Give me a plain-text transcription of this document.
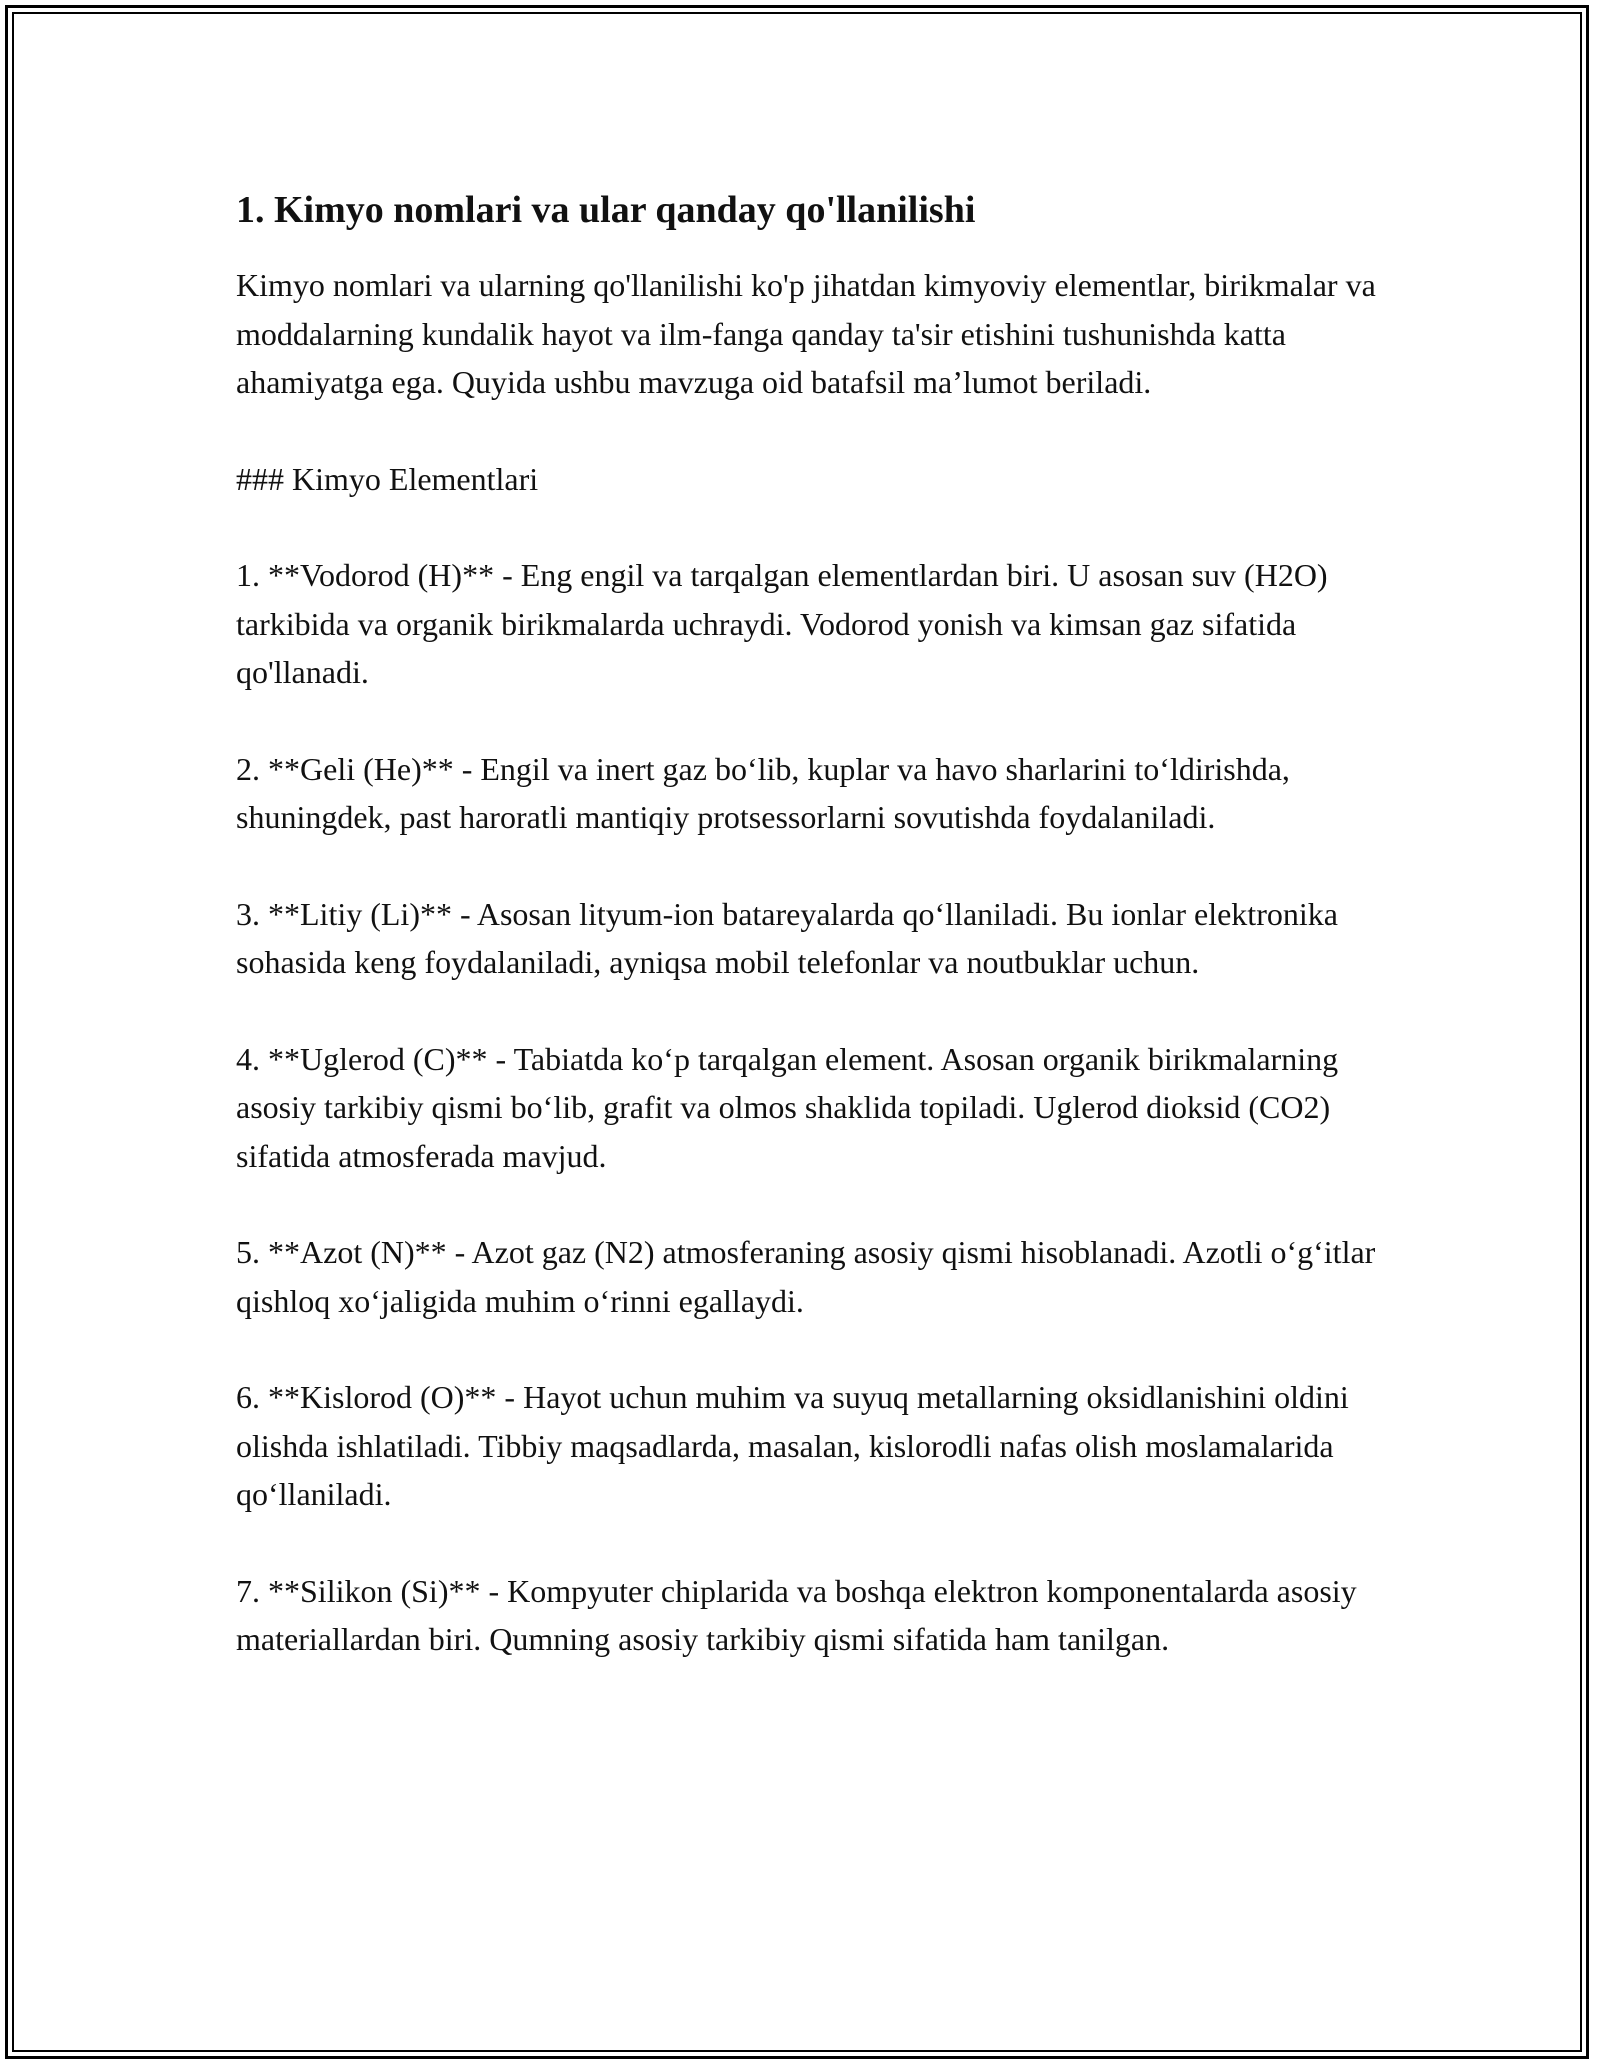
1. Kimyo nomlari va ular qanday qo'llanilishi

Kimyo nomlari va ularning qo'llanilishi ko'p jihatdan kimyoviy elementlar, birikmalar va moddalarning kundalik hayot va ilm-fanga qanday ta'sir etishini tushunishda katta ahamiyatga ega. Quyida ushbu mavzuga oid batafsil ma’lumot beriladi.

### Kimyo Elementlari

1. **Vodorod (H)** - Eng engil va tarqalgan elementlardan biri. U asosan suv (H2O) tarkibida va organik birikmalarda uchraydi. Vodorod yonish va kimsan gaz sifatida qo'llanadi.

2. **Geli (He)** - Engil va inert gaz bo‘lib, kuplar va havo sharlarini to‘ldirishda, shuningdek, past haroratli mantiqiy protsessorlarni sovutishda foydalaniladi.

3. **Litiy (Li)** - Asosan lityum-ion batareyalarda qo‘llaniladi. Bu ionlar elektronika sohasida keng foydalaniladi, ayniqsa mobil telefonlar va noutbuklar uchun.

4. **Uglerod (C)** - Tabiatda ko‘p tarqalgan element. Asosan organik birikmalarning asosiy tarkibiy qismi bo‘lib, grafit va olmos shaklida topiladi. Uglerod dioksid (CO2) sifatida atmosferada mavjud.

5. **Azot (N)** - Azot gaz (N2) atmosferaning asosiy qismi hisoblanadi. Azotli o‘g‘itlar qishloq xo‘jaligida muhim o‘rinni egallaydi.

6. **Kislorod (O)** - Hayot uchun muhim va suyuq metallarning oksidlanishini oldini olishda ishlatiladi. Tibbiy maqsadlarda, masalan, kislorodli nafas olish moslamalarida qo‘llaniladi.

7. **Silikon (Si)** - Kompyuter chiplarida va boshqa elektron komponentalarda asosiy materiallardan biri. Qumning asosiy tarkibiy qismi sifatida ham tanilgan.
